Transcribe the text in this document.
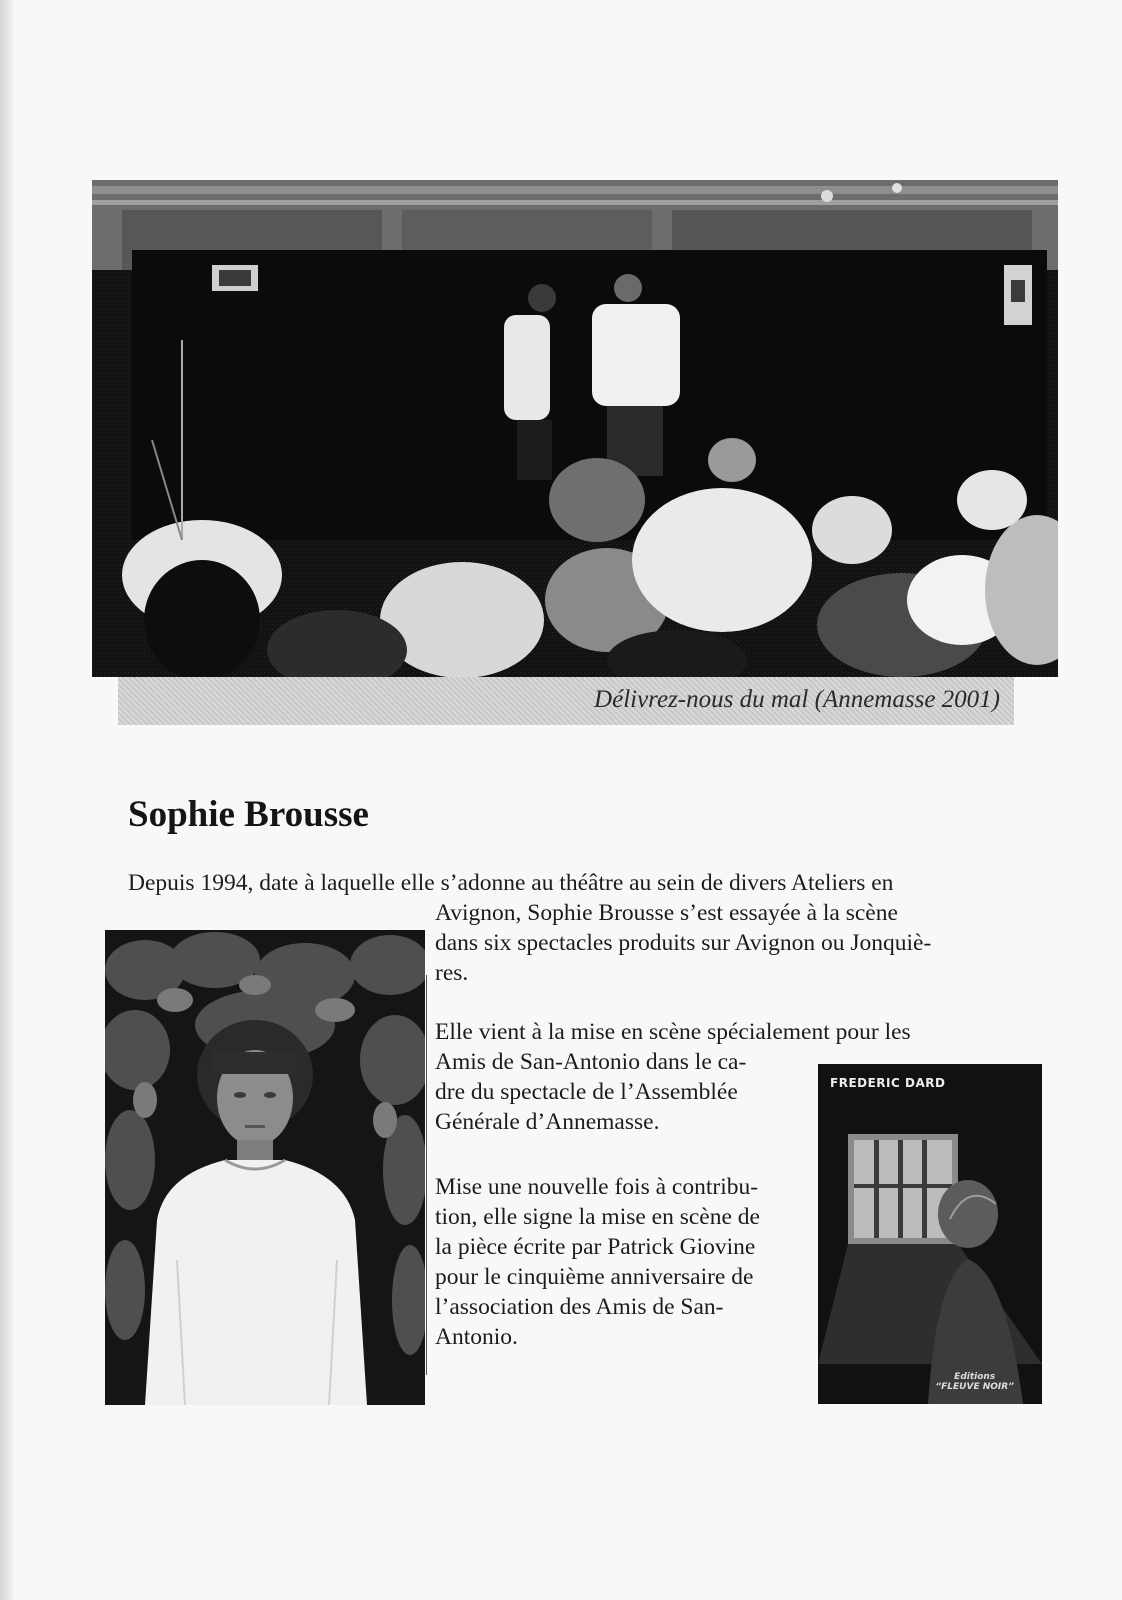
Délivrez-nous du mal (Annemasse 2001)
Sophie Brousse
Depuis 1994, date à laquelle elle s’adonne au théâtre au sein de divers Ateliers en
Avignon, Sophie Brousse s’est essayée à la scène
dans six spectacles produits sur Avignon ou Jonquiè-
res.
Elle vient à la mise en scène spécialement pour les
Amis de San-Antonio dans le ca-
dre du spectacle de l’Assemblée
Générale d’Annemasse.
FREDERIC DARD
Editions
“FLEUVE NOIR”
Mise une nouvelle fois à contribu-
tion, elle signe la mise en scène de
la pièce écrite par Patrick Giovine
pour le cinquième anniversaire de
l’association des Amis de San-
Antonio.
